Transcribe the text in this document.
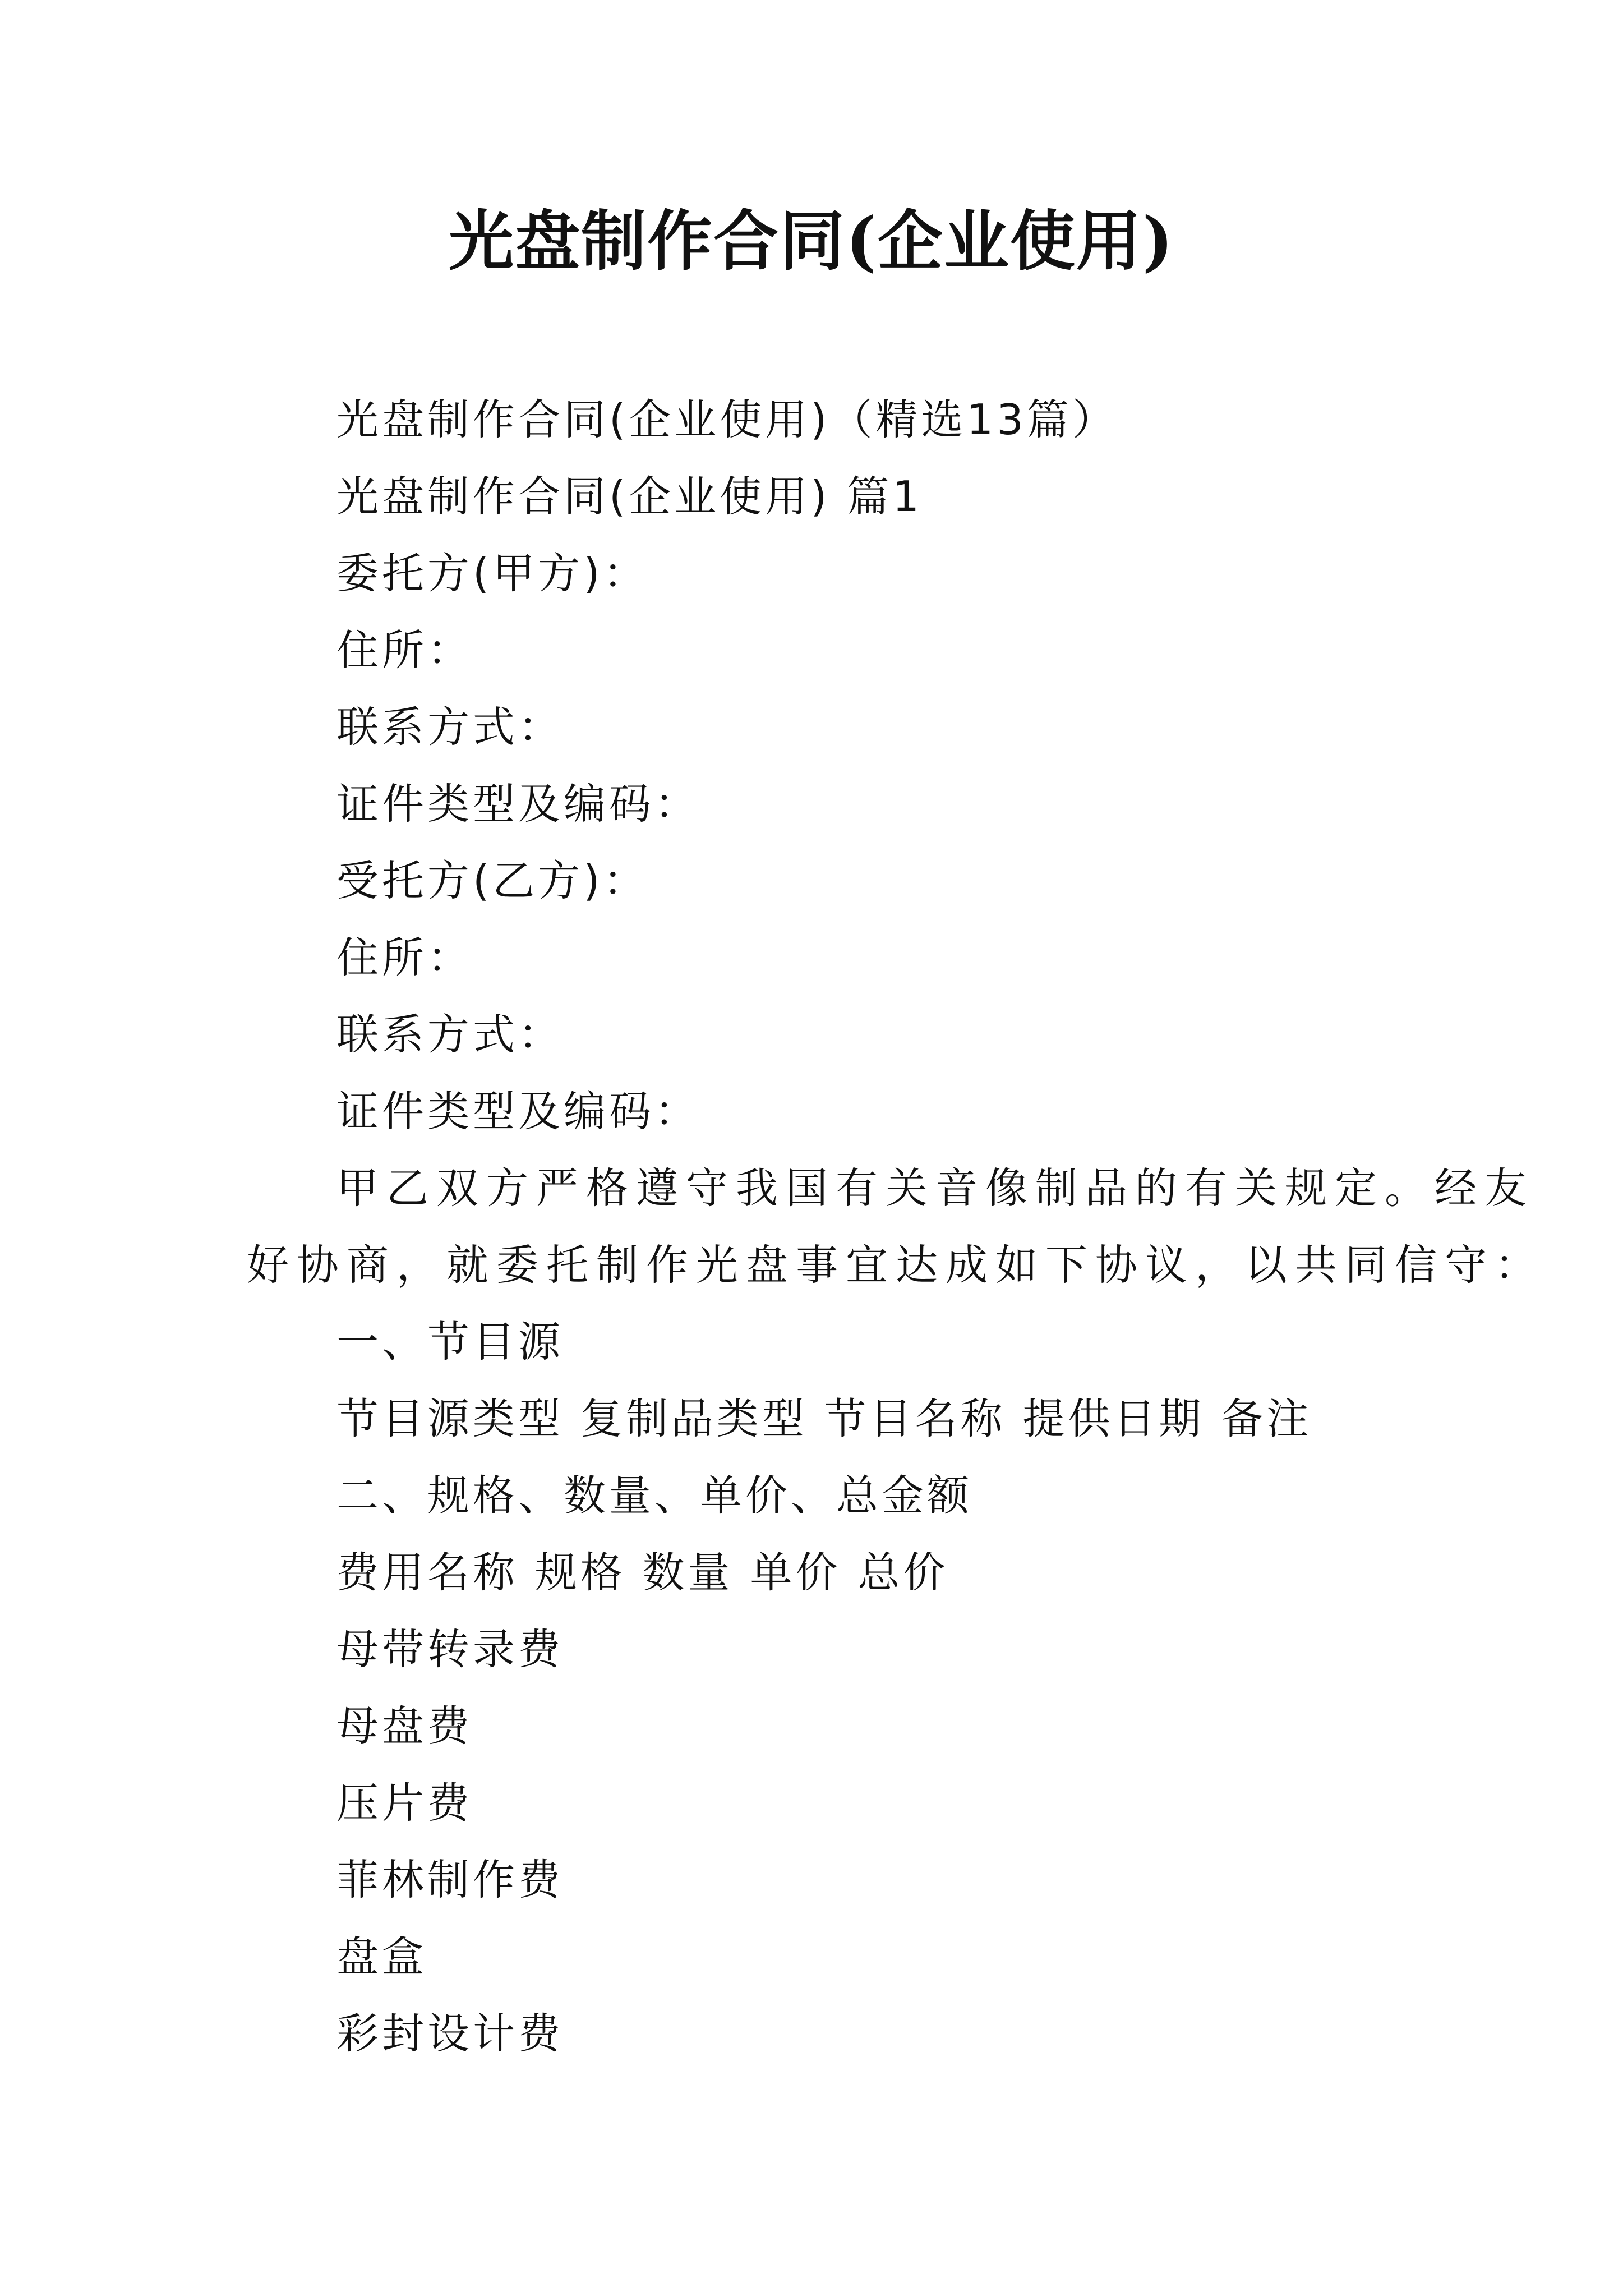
光盘制作合同(企业使用)
光盘制作合同(企业使用)（精选13篇）
光盘制作合同(企业使用) 篇1
委托方(甲方)：
住所：
联系方式：
证件类型及编码：
受托方(乙方)：
住所：
联系方式：
证件类型及编码：
甲乙双方严格遵守我国有关音像制品的有关规定。经友
好协商，就委托制作光盘事宜达成如下协议，以共同信守：
一、节目源
节目源类型 复制品类型 节目名称 提供日期 备注
二、规格、数量、单价、总金额
费用名称 规格 数量 单价 总价
母带转录费
母盘费
压片费
菲林制作费
盘盒
彩封设计费
